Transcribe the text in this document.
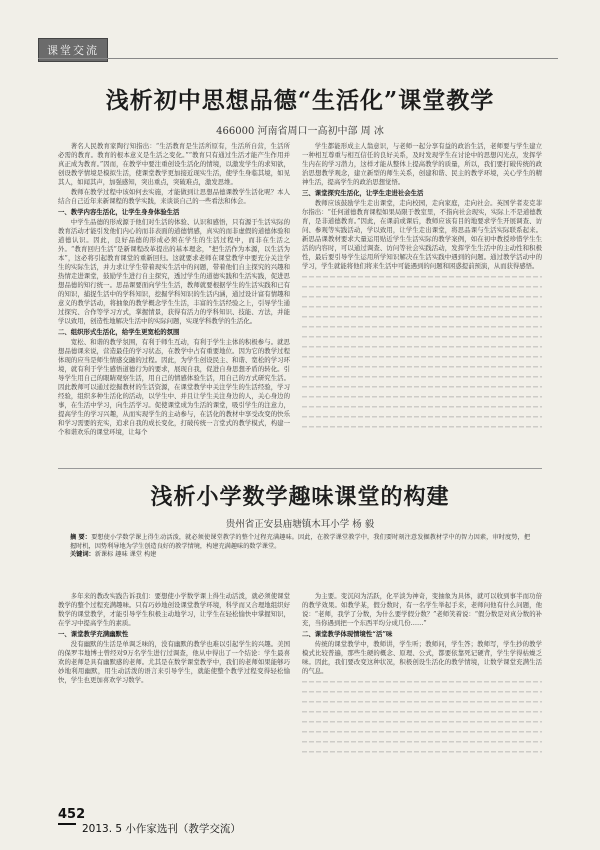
课堂交流
浅析初中思想品德“生活化”课堂教学
466000 河南省周口一高初中部 周 冰

著名人民教育家陶行知指出：“生活教育是生活所原有，生活所自营，生活所必需的教育。教育的根本意义是生活之变化。”“教育只有通过生活才能产生作用并真正成为教育。”因而，在教学中要注重创设生活化的情境，以激发学生的求知欲，创设教学情境是模拟生活，使课堂教学更加接近现实生活，使学生身临其境，如见其人，如闻其声，加强感知，突出重点，突破难点，激发思维。

教师在教学过程中该如何去实施，才能做到让思想品德课教学生活化呢？本人结合自己近年来新课程的教学实践，来谈谈自己的一些看法和体会。

一、教学内容生活化，让学生身身体验生活

中学生品德的形成源于他们对生活的体验、认识和感悟，只有源于生活实际的教育活动才能引发他们内心的而非表面的道德情感，真实的而非虚假的道德体验和道德认识。因此，良好品德的形成必须在学生的生活过程中，而非在生活之外。“教育回归生活”是新课程改革提出的基本理念，“把生活作为本源，以生活为本”，这必将引起教育课堂的重新回归。这就要求老师在课堂教学中要充分关注学生的实际生活，并力求让学生带着现实生活中的问题，带着他们自主探究的兴趣和热情走进课堂，鼓励学生进行自主探究，透过学生的道德实践和生活实践，促进思想品德的知行统一。思品课要面向学生生活，教师就要根据学生的生活实践和已有的知识，捕捉生活中的学科知识，挖掘学科知识的生活内涵，通过设计富有情趣和意义的教学活动，将抽象的教学概念学生生活，丰富的生活经验之上，引导学生通过探究、合作等学习方式，掌握情景，获得有活力的学科知识、技能、方法，并能学以致用，创造性地解决生活中的实际问题，实现学科教学的生活化。

二、组织形式生活化，给学生更宽松的氛围

宽松、和谐的教学氛围，有利于师生互动，有利于学生主体的积极参与。就思想品德课来说，营造最佳的学习状态，在教学中占有重要地位。因为它的教学过程体现的应当是师生情感交融的过程。因此，为学生创设民主、和谐、宽松的学习环境，就有利于学生感悟道德行为的要求，展现自我，促进自身思想矛盾的转化。引导学生用自己的眼睛观察生活，用自己的情感体验生活，用自己的方式研究生活。因此教师可以通过挖掘教材的生活资源，在课堂教学中关注学生的生活经验，学习经验，组织多种生活化的活动，以学生中、并且让学生关注身边的人，关心身边的事，在生活中学习，向生活学习。促使课堂成为生活的课堂，吸引学生的注意力，提高学生的学习兴趣，从而实现学生的主动参与，在活化的教材中享受改变的快乐和学习需要的充实，追求自我的成长变化，打破传统一言堂式的教学模式，构建一个和谐欢乐的课堂环境，让每个

学生都能形成主人翁意识，与老师一起分享有益的政治生活，老师要与学生建立一种相互尊重与相互信任的良好关系，及时发现学生在讨论中的思想闪光点，发挥学生内在的学习潜力，这样才能从整体上提高教学的质量，所以，我们要打破传统的政治思想教学观念，建立新型的师生关系，创建和谐、民主的教学环境，关心学生的精神生活，提高学生的政治思想觉悟。

三、课堂探究生活化，让学生走进社会生活

教师应该鼓励学生走出课堂，走向校园，走向家庭，走向社会。英国学者麦克菲尔指出：“任何道德教育课程如果局限于教室里，不指向社会现实，实际上不是道德教育，是非道德教育。”因此，在课前或课后，教师应该有目的地要求学生开展调查、访问、参观等实践活动，学以致用，让学生走出课堂，将思品课与生活实际联系起来。新思品课教材要求大量运用贴近学生生活实际的教学案例，如在初中教授珍惜学生生活的内容时，可以通过调查、访问等社会实践活动，发挥学生生活中的主动性和积极性，最后要引导学生运用所学知识解决在生活实践中遇到的问题。通过教学活动中的学习，学生就能将他们将来生活中可能遇到的问题和困惑提前预演，从而获得感悟。

浅析小学数学趣味课堂的构建
贵州省正安县庙塘镇木耳小学 杨 毅
摘 要：要想使小学数学课上得生动活泼，就必须使课堂教学的整个过程充满趣味。因此，在教学课堂教学中，我们要时刻注意发掘教材学中的智力因素，审时度势，把握时机，因势利导地为学生创造良好的教学情境，构建充满趣味的数学课堂。
关键词：新课标 趣味 课堂 构建

多年来的教改实践告诉我们：要想使小学数学课上得生动活泼，就必须使课堂教学的整个过程充满趣味。只有巧妙地创设课堂教学环境，科学而又合理地组织好数学的课堂教学，才能引导学生积极主动地学习，让学生在轻松愉快中掌握知识，在学习中提高学生的素质。

一、课堂教学充满幽默性

没有幽默的生活是单调乏味的，没有幽默的教学也难以引起学生的兴趣。美国的保罗韦地博士曾经对9万名学生进行过调查，他从中得出了一个结论：学生最喜欢的老师是具有幽默感的老师。尤其是在数学课堂教学中，我们的老师如果能够巧妙地利用幽默，用生动活泼的语言来引导学生，就能使整个教学过程变得轻松愉快，学生也更加喜欢学习数学。

为主要。变沉闷为活跃，化平淡为神奇，变抽象为具体，就可以收到事半而功倍的教学效果。如教学某，假分数时，有一名学生举起手来，老师问他有什么问题，他说：“老师，我学了分数，为什么要学假分数？”老师笑着说：“假分数是对真分数的补充，当你遇到把一个东西平均分成几份……”

二、课堂教学体现情境性“活”味

传统的课堂教学中，教师讲，学生听；教师问，学生答；教师写，学生抄的教学模式比较普遍，那些生硬的概念、原理、公式，都要依靠死记硬背，学生学得枯燥乏味。因此，我们要改变这种状况，积极创设生活化的教学情境，让数学课堂充满生活的气息。

452
2013. 5 小作家选刊（教学交流）
